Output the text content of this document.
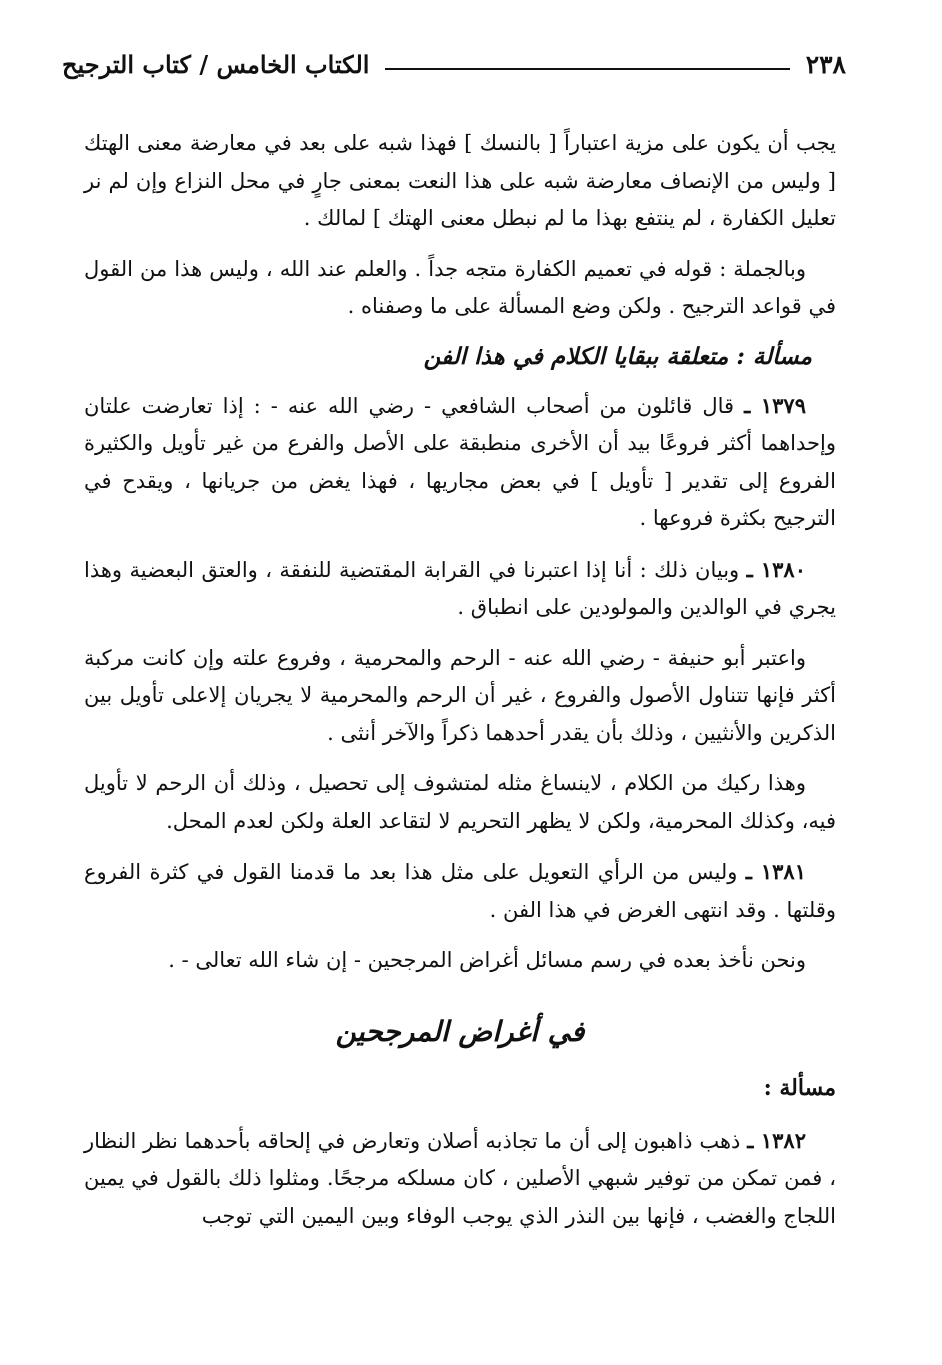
٢٣٨
الكتاب الخامس / كتاب الترجيح

يجب أن يكون على مزية اعتباراً [ بالنسك ] فهذا شبه على بعد في معارضة معنى الهتك [ وليس من الإنصاف معارضة شبه على هذا النعت بمعنى جارٍ في محل النزاع وإن لم نر تعليل الكفارة ، لم ينتفع بهذا ما لم نبطل معنى الهتك ] لمالك .

وبالجملة : قوله في تعميم الكفارة متجه جداً . والعلم عند الله ، وليس هذا من القول في قواعد الترجيح . ولكن وضع المسألة على ما وصفناه .

مسألة : متعلقة ببقايا الكلام في هذا الفن

١٣٧٩ ـ قال قائلون من أصحاب الشافعي - رضي الله عنه - : إذا تعارضت علتان وإحداهما أكثر فروعًا بيد أن الأخرى منطبقة على الأصل والفرع من غير تأويل والكثيرة الفروع إلى تقدير [ تأويل ] في بعض مجاريها ، فهذا يغض من جريانها ، ويقدح في الترجيح بكثرة فروعها .

١٣٨٠ ـ وبيان ذلك : أنا إذا اعتبرنا في القرابة المقتضية للنفقة ، والعتق البعضية وهذا يجري في الوالدين والمولودين على انطباق .

واعتبر أبو حنيفة - رضي الله عنه - الرحم والمحرمية ، وفروع علته وإن كانت مركبة أكثر فإنها تتناول الأصول والفروع ، غير أن الرحم والمحرمية لا يجريان إلاعلى تأويل بين الذكرين والأنثيين ، وذلك بأن يقدر أحدهما ذكراً والآخر أنثى .

وهذا ركيك من الكلام ، لاينساغ مثله لمتشوف إلى تحصيل ، وذلك أن الرحم لا تأويل فيه، وكذلك المحرمية، ولكن لا يظهر التحريم لا لتقاعد العلة ولكن لعدم المحل.

١٣٨١ ـ وليس من الرأي التعويل على مثل هذا بعد ما قدمنا القول في كثرة الفروع وقلتها . وقد انتهى الغرض في هذا الفن .

ونحن نأخذ بعده في رسم مسائل أغراض المرجحين - إن شاء الله تعالى - .

في أغراض المرجحين
مسألة :

١٣٨٢ ـ ذهب ذاهبون إلى أن ما تجاذبه أصلان وتعارض في إلحاقه بأحدهما نظر النظار ، فمن تمكن من توفير شبهي الأصلين ، كان مسلكه مرجحًا. ومثلوا ذلك بالقول في يمين اللجاج والغضب ، فإنها بين النذر الذي يوجب الوفاء وبين اليمين التي توجب
